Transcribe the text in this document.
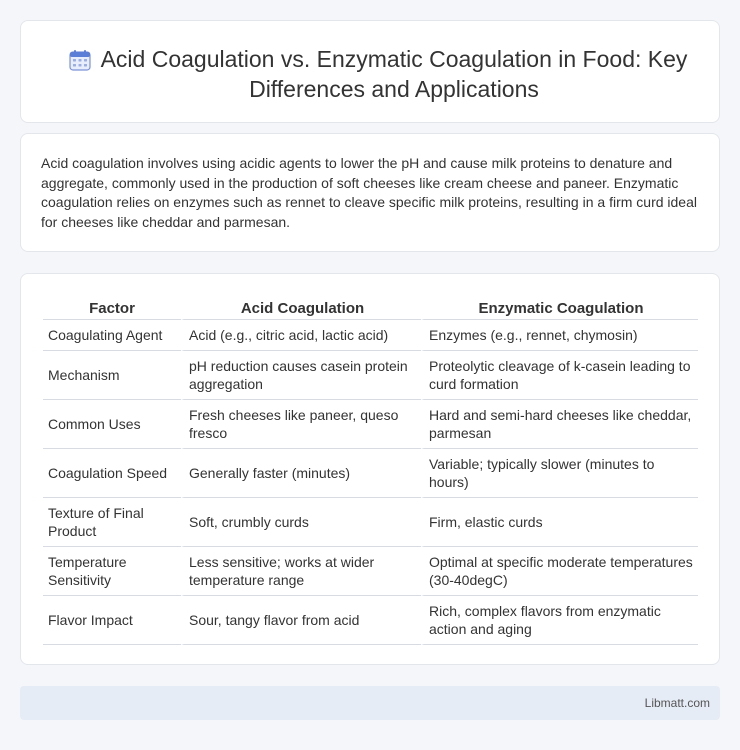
Acid Coagulation vs. Enzymatic Coagulation in Food: Key Differences and Applications

Acid coagulation involves using acidic agents to lower the pH and cause milk proteins to denature and aggregate, commonly used in the production of soft cheeses like cream cheese and paneer. Enzymatic coagulation relies on enzymes such as rennet to cleave specific milk proteins, resulting in a firm curd ideal for cheeses like cheddar and parmesan.

Factor	Acid Coagulation	Enzymatic Coagulation
Coagulating Agent	Acid (e.g., citric acid, lactic acid)	Enzymes (e.g., rennet, chymosin)
Mechanism	pH reduction causes casein protein aggregation	Proteolytic cleavage of k-casein leading to curd formation
Common Uses	Fresh cheeses like paneer, queso fresco	Hard and semi-hard cheeses like cheddar, parmesan
Coagulation Speed	Generally faster (minutes)	Variable; typically slower (minutes to hours)
Texture of Final Product	Soft, crumbly curds	Firm, elastic curds
Temperature Sensitivity	Less sensitive; works at wider temperature range	Optimal at specific moderate temperatures (30-40degC)
Flavor Impact	Sour, tangy flavor from acid	Rich, complex flavors from enzymatic action and aging
Libmatt.com
